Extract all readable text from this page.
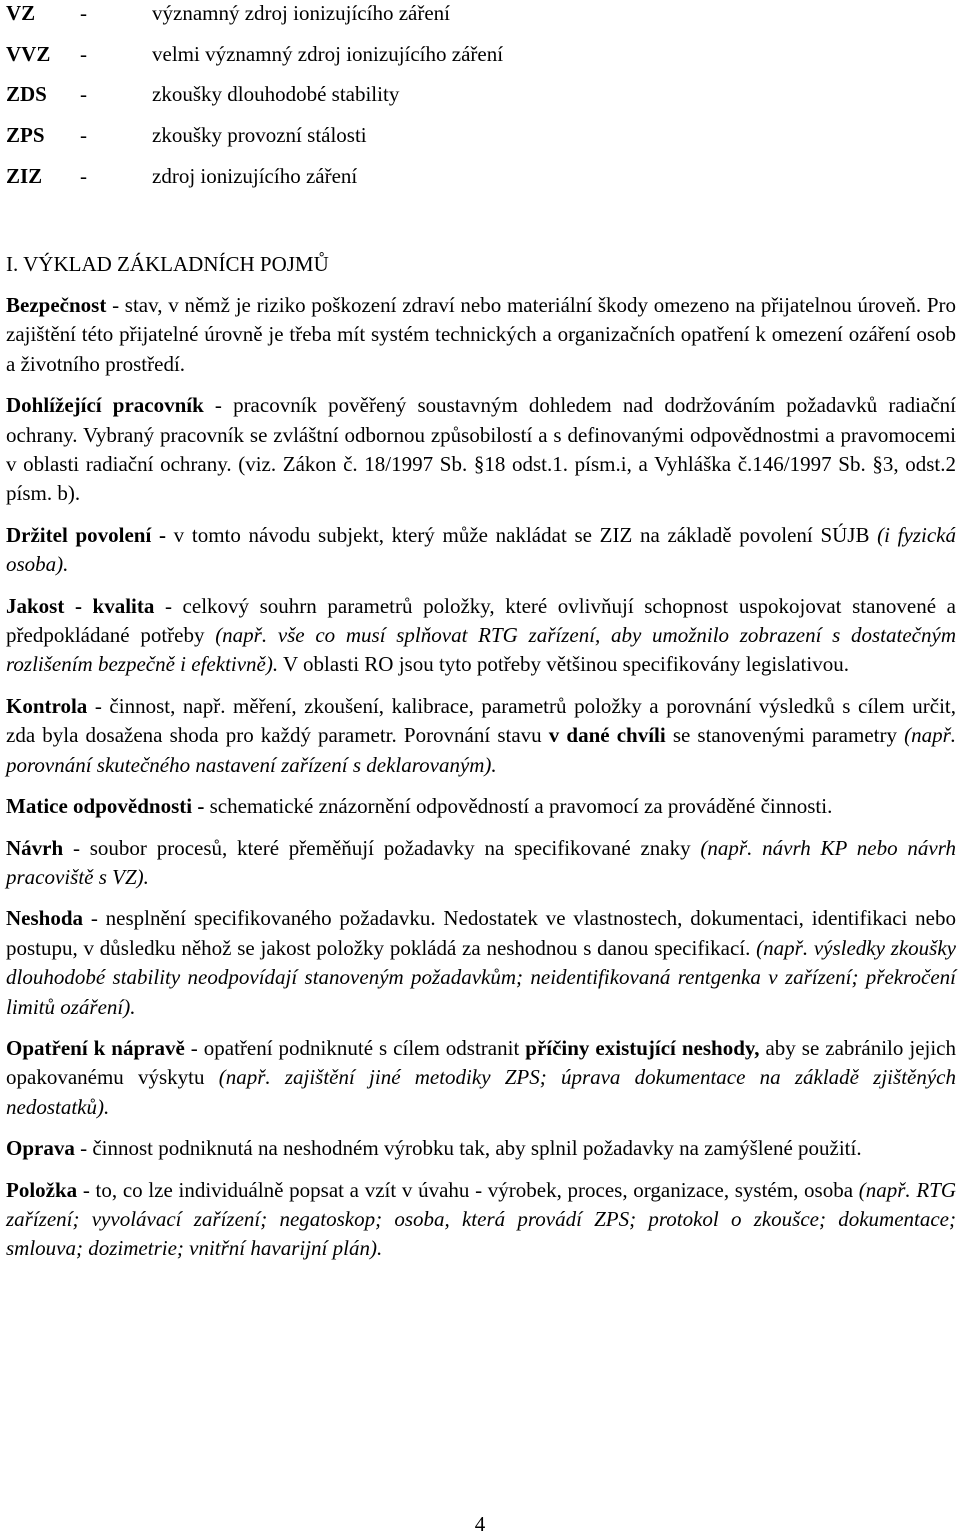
VZ	-	významný zdroj ionizujícího záření
VVZ	-	velmi významný zdroj ionizujícího záření
ZDS	-	zkoušky dlouhodobé stability
ZPS	-	zkoušky provozní stálosti
ZIZ	-	zdroj ionizujícího záření
I. VÝKLAD ZÁKLADNÍCH POJMŮ

Bezpečnost - stav, v němž je riziko poškození zdraví nebo materiální škody omezeno na přijatelnou úroveň. Pro zajištění této přijatelné úrovně je třeba mít systém technických a organizačních opatření k omezení ozáření osob a životního prostředí.

Dohlížející pracovník - pracovník pověřený soustavným dohledem nad dodržováním požadavků radiační ochrany. Vybraný pracovník se zvláštní odbornou způsobilostí a s definovanými odpovědnostmi a pravomocemi v oblasti radiační ochrany. (viz. Zákon č. 18/1997 Sb. §18 odst.1. písm.i, a Vyhláška č.146/1997 Sb. §3, odst.2 písm. b).

Držitel povolení - v tomto návodu subjekt, který může nakládat se ZIZ na základě povolení SÚJB (i fyzická osoba).

Jakost - kvalita - celkový souhrn parametrů položky, které ovlivňují schopnost uspokojovat stanovené a předpokládané potřeby (např. vše co musí splňovat RTG zařízení, aby umožnilo zobrazení s dostatečným rozlišením bezpečně i efektivně). V oblasti RO jsou tyto potřeby většinou specifikovány legislativou.

Kontrola - činnost, např. měření, zkoušení, kalibrace, parametrů položky a porovnání výsledků s cílem určit, zda byla dosažena shoda pro každý parametr. Porovnání stavu v dané chvíli se stanovenými parametry (např. porovnání skutečného nastavení zařízení s deklarovaným).

Matice odpovědnosti - schematické znázornění odpovědností a pravomocí za prováděné činnosti.

Návrh - soubor procesů, které přeměňují požadavky na specifikované znaky (např. návrh KP nebo návrh pracoviště s VZ).

Neshoda - nesplnění specifikovaného požadavku. Nedostatek ve vlastnostech, dokumentaci, identifikaci nebo postupu, v důsledku něhož se jakost položky pokládá za neshodnou s danou specifikací. (např. výsledky zkoušky dlouhodobé stability neodpovídají stanoveným požadavkům; neidentifikovaná rentgenka v zařízení; překročení limitů ozáření).

Opatření k nápravě - opatření podniknuté s cílem odstranit příčiny existující neshody, aby se zabránilo jejich opakovanému výskytu (např. zajištění jiné metodiky ZPS; úprava dokumentace na základě zjištěných nedostatků).

Oprava - činnost podniknutá na neshodném výrobku tak, aby splnil požadavky na zamýšlené použití.

Položka - to, co lze individuálně popsat a vzít v úvahu - výrobek, proces, organizace, systém, osoba (např. RTG zařízení; vyvolávací zařízení; negatoskop; osoba, která provádí ZPS; protokol o zkoušce; dokumentace; smlouva; dozimetrie; vnitřní havarijní plán).

4
